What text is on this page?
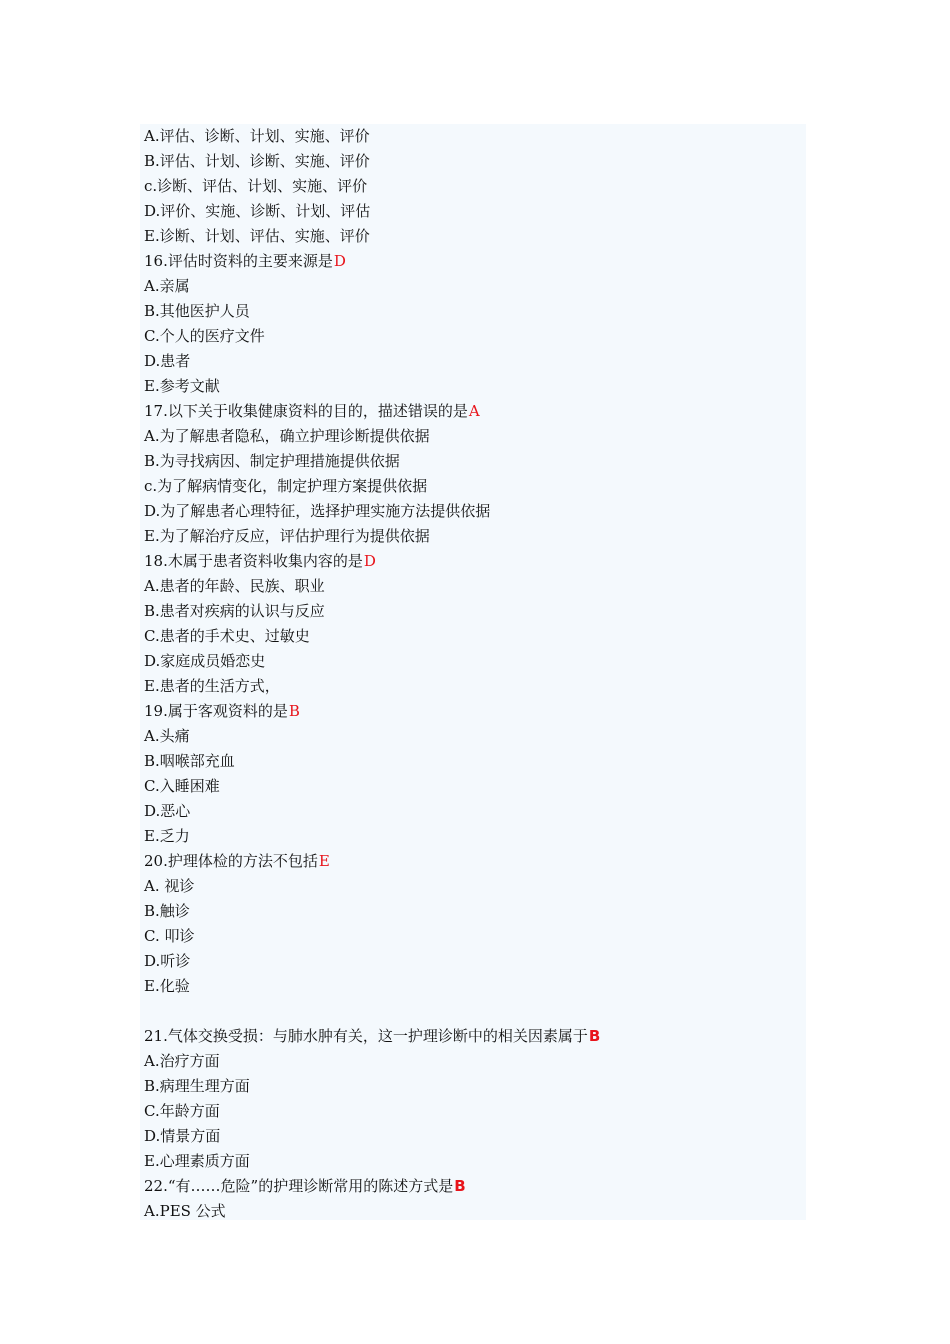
A.评估、诊断、计划、实施、评价
B.评估、计划、诊断、实施、评价
c.诊断、评估、计划、实施、评价
D.评价、实施、诊断、计划、评估
E.诊断、计划、评估、实施、评价
16.评估时资料的主要来源是D
A.亲属
B.其他医护人员
C.个人的医疗文件
D.患者
E.参考文献
17.以下关于收集健康资料的目的，描述错误的是A
A.为了解患者隐私，确立护理诊断提供依据
B.为寻找病因、制定护理措施提供依据
c.为了解病情变化，制定护理方案提供依据
D.为了解患者心理特征，选择护理实施方法提供依据
E.为了解治疗反应，评估护理行为提供依据
18.木属于患者资料收集内容的是D
A.患者的年龄、民族、职业
B.患者对疾病的认识与反应
C.患者的手术史、过敏史
D.家庭成员婚恋史
E.患者的生活方式，
19.属于客观资料的是B
A.头痛
B.咽喉部充血
C.入睡困难
D.恶心
E.乏力
20.护理体检的方法不包括E
A. 视诊
B.触诊
C. 叩诊
D.听诊
E.化验
21.气体交换受损：与肺水肿有关，这一护理诊断中的相关因素属于B
A.治疗方面
B.病理生理方面
C.年龄方面
D.情景方面
E.心理素质方面
22.“有……危险”的护理诊断常用的陈述方式是B
A.PES 公式
